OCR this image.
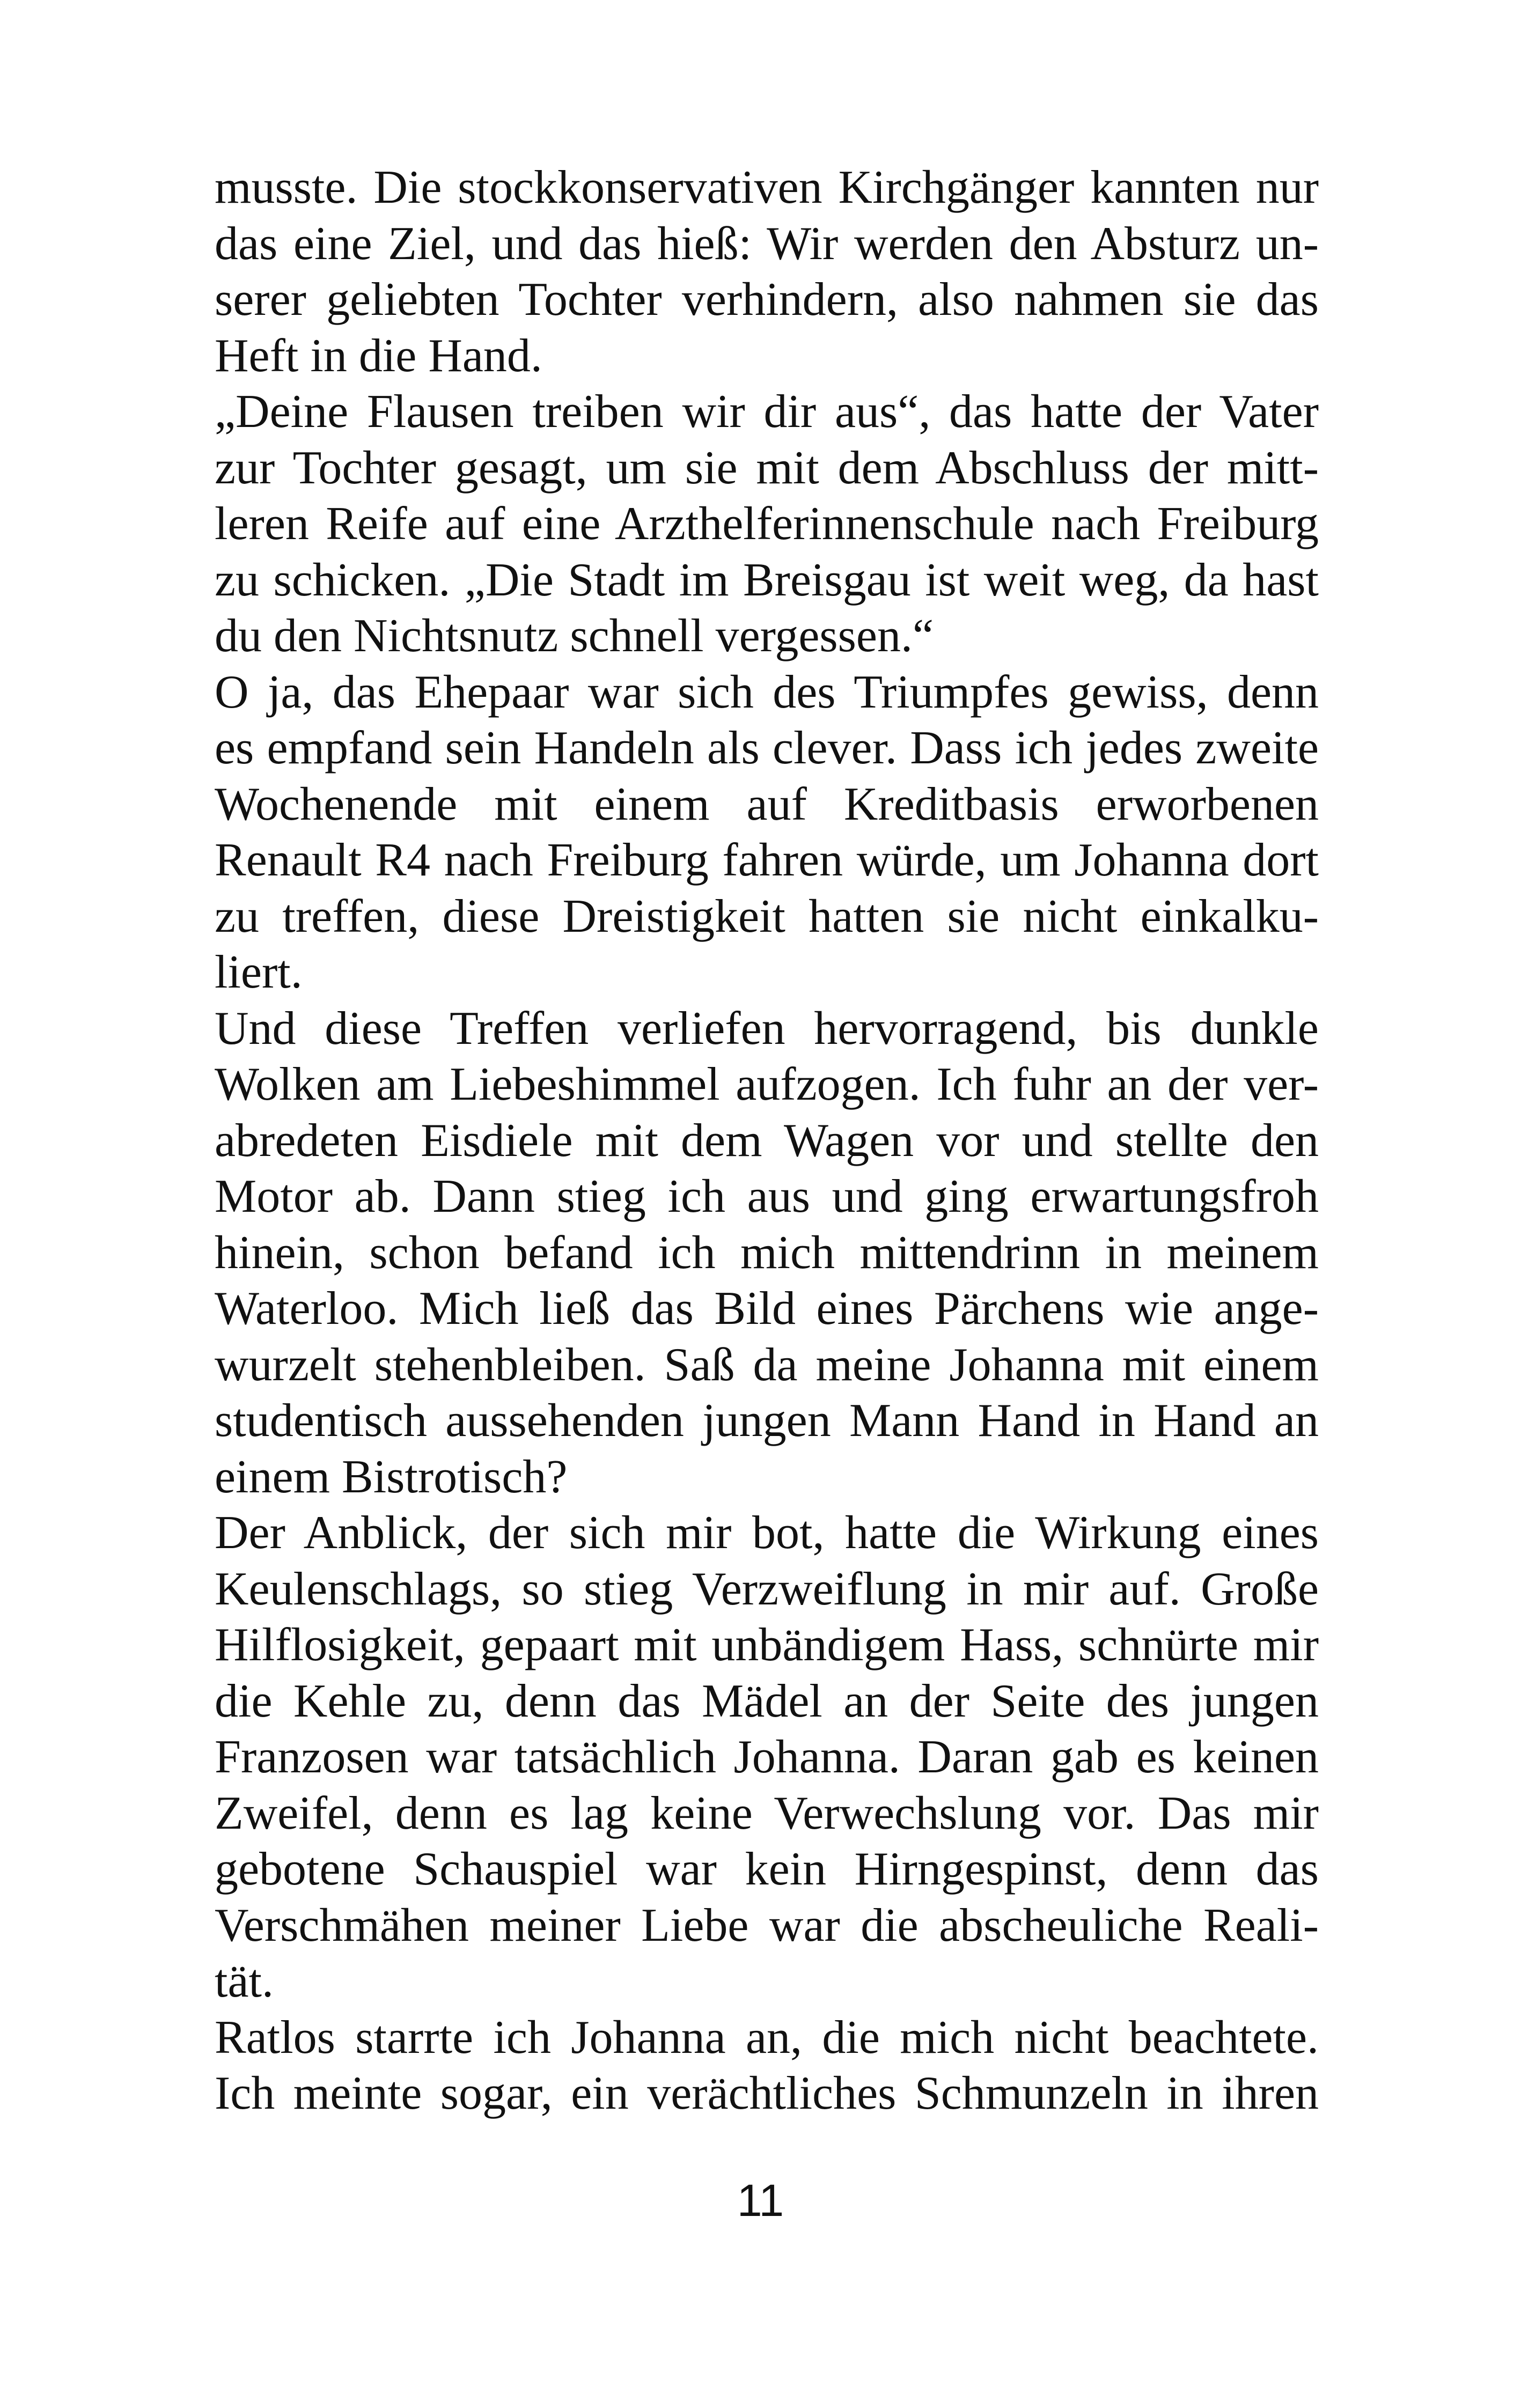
musste. Die stockkonservativen Kirchgänger kannten nur
das eine Ziel, und das hieß: Wir werden den Absturz un-
serer geliebten Tochter verhindern, also nahmen sie das
Heft in die Hand.
„Deine Flausen treiben wir dir aus“, das hatte der Vater
zur Tochter gesagt, um sie mit dem Abschluss der mitt-
leren Reife auf eine Arzthelferinnenschule nach Freiburg
zu schicken. „Die Stadt im Breisgau ist weit weg, da hast
du den Nichtsnutz schnell vergessen.“
O ja, das Ehepaar war sich des Triumpfes gewiss, denn
es empfand sein Handeln als clever. Dass ich jedes zweite
Wochenende mit einem auf Kreditbasis erworbenen
Renault R4 nach Freiburg fahren würde, um Johanna dort
zu treffen, diese Dreistigkeit hatten sie nicht einkalku-
liert.
Und diese Treffen verliefen hervorragend, bis dunkle
Wolken am Liebeshimmel aufzogen. Ich fuhr an der ver-
abredeten Eisdiele mit dem Wagen vor und stellte den
Motor ab. Dann stieg ich aus und ging erwartungsfroh
hinein, schon befand ich mich mittendrinn in meinem
Waterloo. Mich ließ das Bild eines Pärchens wie ange-
wurzelt stehenbleiben. Saß da meine Johanna mit einem
studentisch aussehenden jungen Mann Hand in Hand an
einem Bistrotisch?
Der Anblick, der sich mir bot, hatte die Wirkung eines
Keulenschlags, so stieg Verzweiflung in mir auf. Große
Hilflosigkeit, gepaart mit unbändigem Hass, schnürte mir
die Kehle zu, denn das Mädel an der Seite des jungen
Franzosen war tatsächlich Johanna. Daran gab es keinen
Zweifel, denn es lag keine Verwechslung vor. Das mir
gebotene Schauspiel war kein Hirngespinst, denn das
Verschmähen meiner Liebe war die abscheuliche Reali-
tät.
Ratlos starrte ich Johanna an, die mich nicht beachtete.
Ich meinte sogar, ein verächtliches Schmunzeln in ihren
11
